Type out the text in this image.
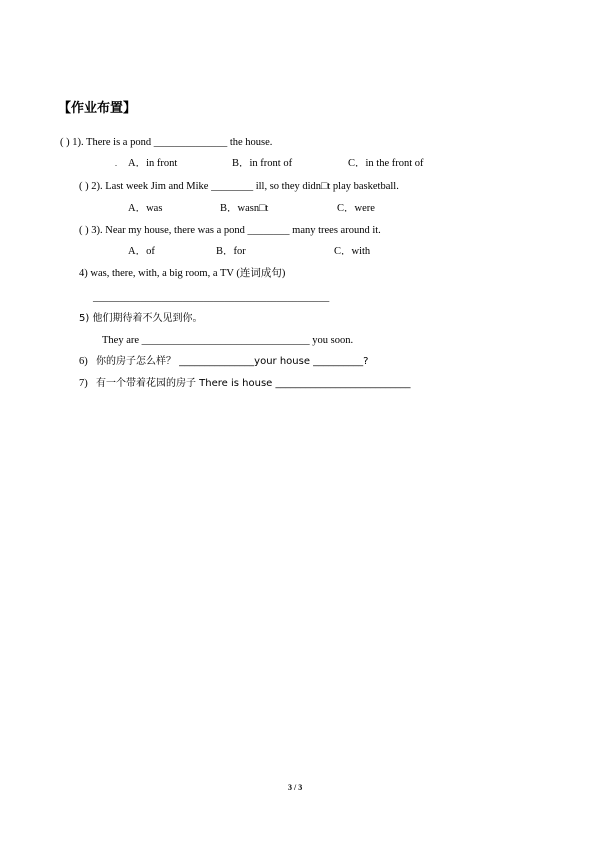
【作业布置】
( ) 1). There is a pond ______________ the house.
. A．in front	B．in front of	C．in the front of
( ) 2). Last week Jim and Mike ________ ill, so they didn□t play basketball.
A．was	B．wasn□t	C．were
( ) 3). Near my house, there was a pond ________ many trees around it.
A．of	B．for	C．with
4) was, there, with, a big room, a TV (连词成句)
_____________________________________________
5) 他们期待着不久见到你。
They are ________________________________ you soon.
6) 你的房子怎么样？ _______________your house __________?
7) 有一个带着花园的房子 There is house ___________________________
3 / 3
